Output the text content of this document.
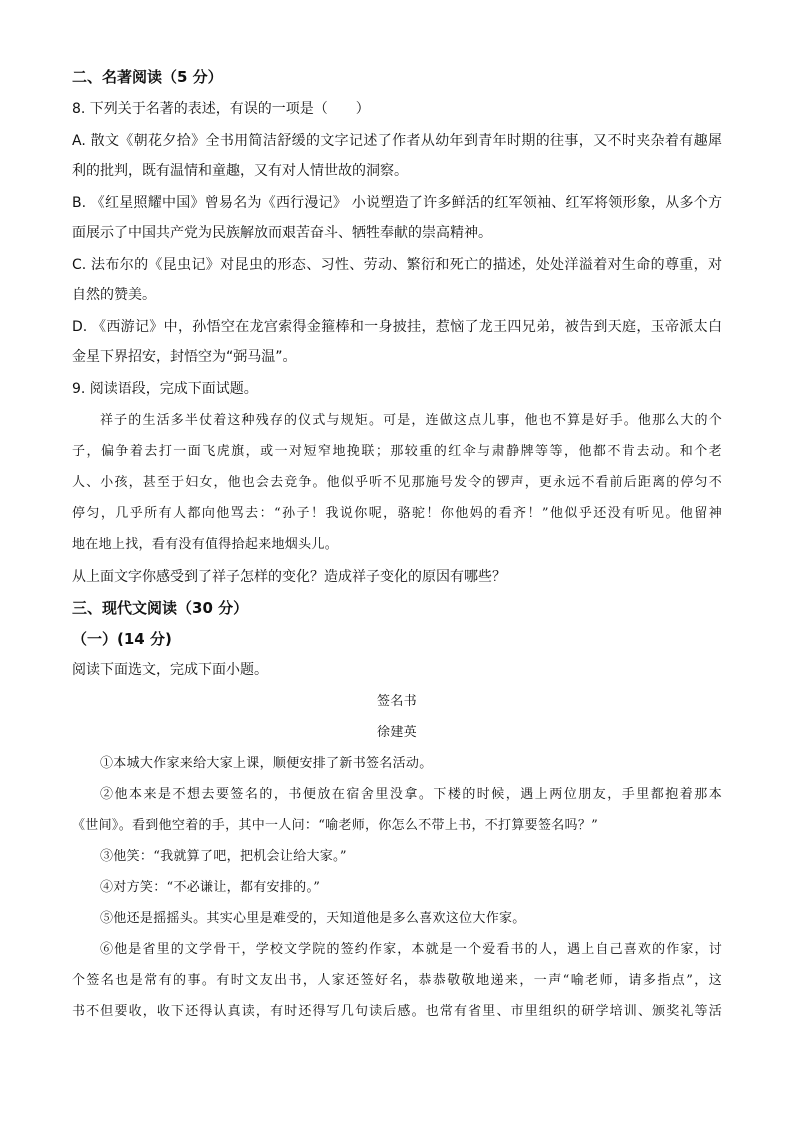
二、名著阅读（5 分）
8. 下列关于名著的表述，有误的一项是（　　）
A. 散文《朝花夕拾》全书用简洁舒缓的文字记述了作者从幼年到青年时期的往事，又不时夹杂着有趣犀
利的批判，既有温情和童趣，又有对人情世故的洞察。
B. 《红星照耀中国》曾易名为《西行漫记》 小说塑造了许多鲜活的红军领袖、红军将领形象，从多个方
面展示了中国共产党为民族解放而艰苦奋斗、牺牲奉献的崇高精神。
C. 法布尔的《昆虫记》对昆虫的形态、习性、劳动、繁衍和死亡的描述，处处洋溢着对生命的尊重，对
自然的赞美。
D. 《西游记》中，孙悟空在龙宫索得金箍棒和一身披挂，惹恼了龙王四兄弟，被告到天庭，玉帝派太白
金星下界招安，封悟空为“弼马温”。
9. 阅读语段，完成下面试题。
祥子的生活多半仗着这种残存的仪式与规矩。可是，连做这点儿事，他也不算是好手。他那么大的个
子，偏争着去打一面飞虎旗，或一对短窄地挽联；那较重的红伞与肃静牌等等，他都不肯去动。和个老
人、小孩，甚至于妇女，他也会去竞争。他似乎听不见那施号发令的锣声，更永远不看前后距离的停匀不
停匀，几乎所有人都向他骂去：“孙子！我说你呢，骆驼！你他妈的看齐！”他似乎还没有听见。他留神
地在地上找，看有没有值得拾起来地烟头儿。
从上面文字你感受到了祥子怎样的变化？造成祥子变化的原因有哪些？
三、现代文阅读（30 分）
（一）(14 分)
阅读下面选文，完成下面小题。
签名书
徐建英
①本城大作家来给大家上课，顺便安排了新书签名活动。
②他本来是不想去要签名的，书便放在宿舍里没拿。下楼的时候，遇上两位朋友，手里都抱着那本
《世间》。看到他空着的手，其中一人问：“喻老师，你怎么不带上书，不打算要签名吗？”
③他笑：“我就算了吧，把机会让给大家。”
④对方笑：“不必谦让，都有安排的。”
⑤他还是摇摇头。其实心里是难受的，天知道他是多么喜欢这位大作家。
⑥他是省里的文学骨干，学校文学院的签约作家，本就是一个爱看书的人，遇上自己喜欢的作家，讨
个签名也是常有的事。有时文友出书，人家还签好名，恭恭敬敬地递来，一声“喻老师，请多指点”，这
书不但要收，收下还得认真读，有时还得写几句读后感。也常有省里、市里组织的研学培训、颁奖礼等活
